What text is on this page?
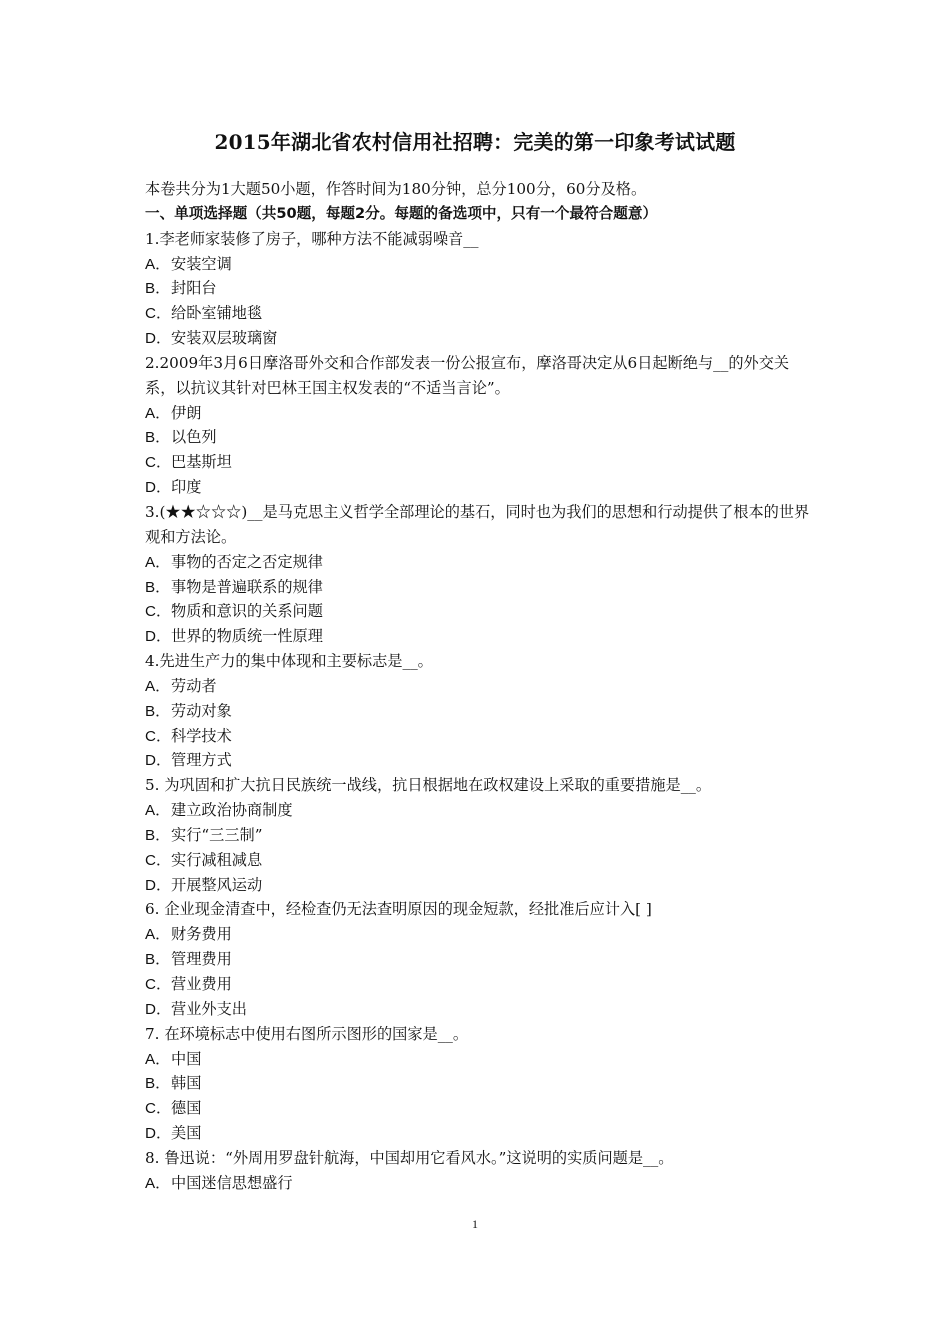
2015年湖北省农村信用社招聘：完美的第一印象考试试题
本卷共分为1大题50小题，作答时间为180分钟，总分100分，60分及格。
一、单项选择题（共50题，每题2分。每题的备选项中，只有一个最符合题意）
1.李老师家装修了房子，哪种方法不能减弱噪音__
A．安装空调
B．封阳台
C．给卧室铺地毯
D．安装双层玻璃窗
2.2009年3月6日摩洛哥外交和合作部发表一份公报宣布，摩洛哥决定从6日起断绝与__的外交关系，以抗议其针对巴林王国主权发表的“不适当言论”。
A．伊朗
B．以色列
C．巴基斯坦
D．印度
3.(★★☆☆☆)__是马克思主义哲学全部理论的基石，同时也为我们的思想和行动提供了根本的世界观和方法论。
A．事物的否定之否定规律
B．事物是普遍联系的规律
C．物质和意识的关系问题
D．世界的物质统一性原理
4.先进生产力的集中体现和主要标志是__。
A．劳动者
B．劳动对象
C．科学技术
D．管理方式
5. 为巩固和扩大抗日民族统一战线，抗日根据地在政权建设上采取的重要措施是__。
A．建立政治协商制度
B．实行“三三制”
C．实行减租减息
D．开展整风运动
6. 企业现金清查中，经检查仍无法查明原因的现金短款，经批准后应计入[ ]
A．财务费用
B．管理费用
C．营业费用
D．营业外支出
7. 在环境标志中使用右图所示图形的国家是__。
A．中国
B．韩国
C．德国
D．美国
8. 鲁迅说：“外周用罗盘针航海，中国却用它看风水。”这说明的实质问题是__。
A．中国迷信思想盛行
1
